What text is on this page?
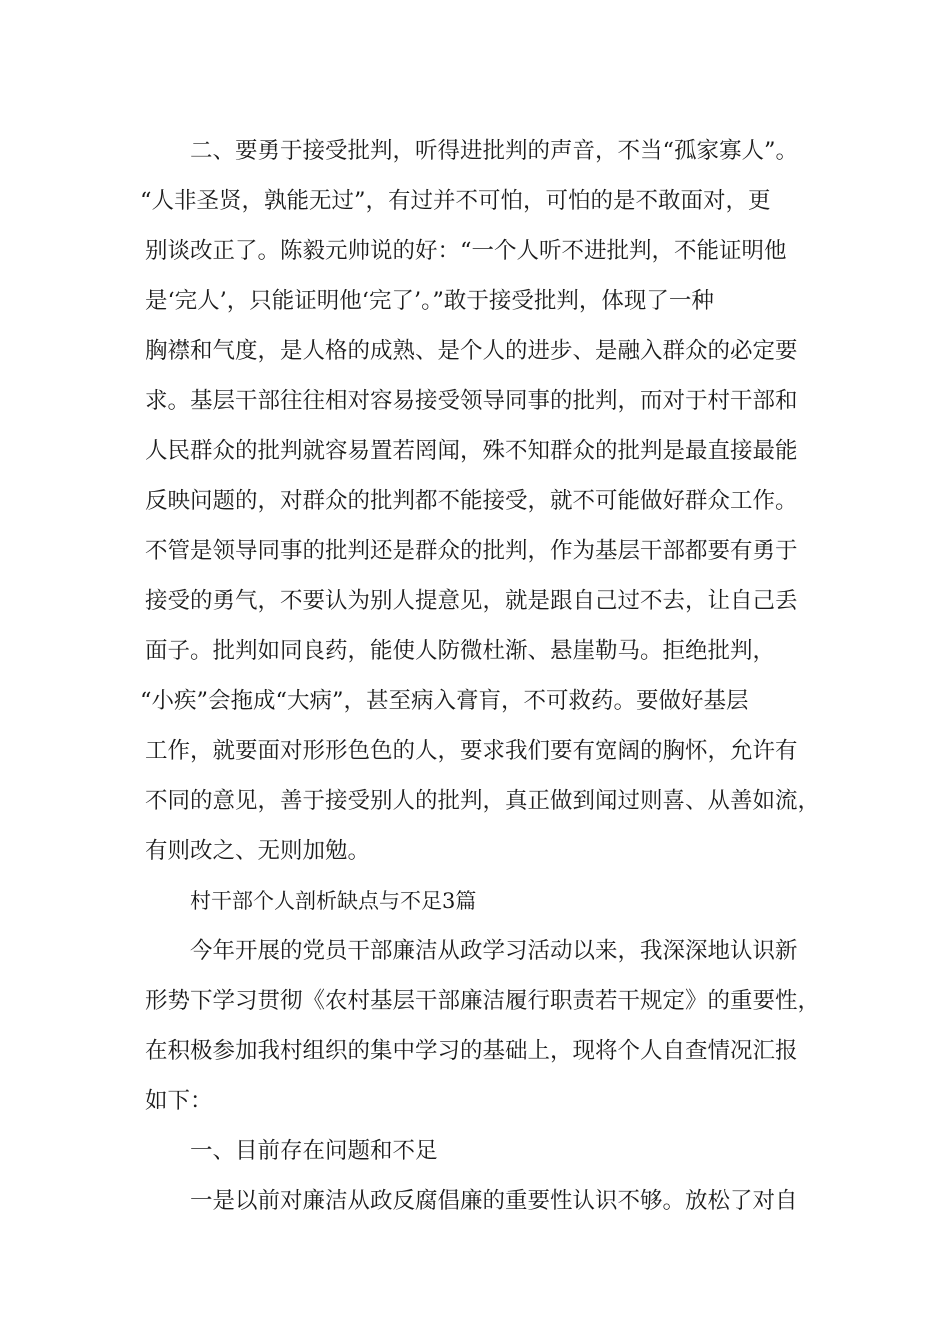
二、要勇于接受批判，听得进批判的声音，不当“孤家寡人”。
“人非圣贤，孰能无过”，有过并不可怕，可怕的是不敢面对，更
别谈改正了。陈毅元帅说的好：“一个人听不进批判，不能证明他
是‘完人’，只能证明他‘完了’。”敢于接受批判，体现了一种
胸襟和气度，是人格的成熟、是个人的进步、是融入群众的必定要
求。基层干部往往相对容易接受领导同事的批判，而对于村干部和
人民群众的批判就容易置若罔闻，殊不知群众的批判是最直接最能
反映问题的，对群众的批判都不能接受，就不可能做好群众工作。
不管是领导同事的批判还是群众的批判，作为基层干部都要有勇于
接受的勇气，不要认为别人提意见，就是跟自己过不去，让自己丢
面子。批判如同良药，能使人防微杜渐、悬崖勒马。拒绝批判，
“小疾”会拖成“大病”，甚至病入膏肓，不可救药。要做好基层
工作，就要面对形形色色的人，要求我们要有宽阔的胸怀，允许有
不同的意见，善于接受别人的批判，真正做到闻过则喜、从善如流，
有则改之、无则加勉。
村干部个人剖析缺点与不足3篇
今年开展的党员干部廉洁从政学习活动以来，我深深地认识新
形势下学习贯彻《农村基层干部廉洁履行职责若干规定》的重要性，
在积极参加我村组织的集中学习的基础上，现将个人自查情况汇报
如下：
一、目前存在问题和不足
一是以前对廉洁从政反腐倡廉的重要性认识不够。放松了对自
